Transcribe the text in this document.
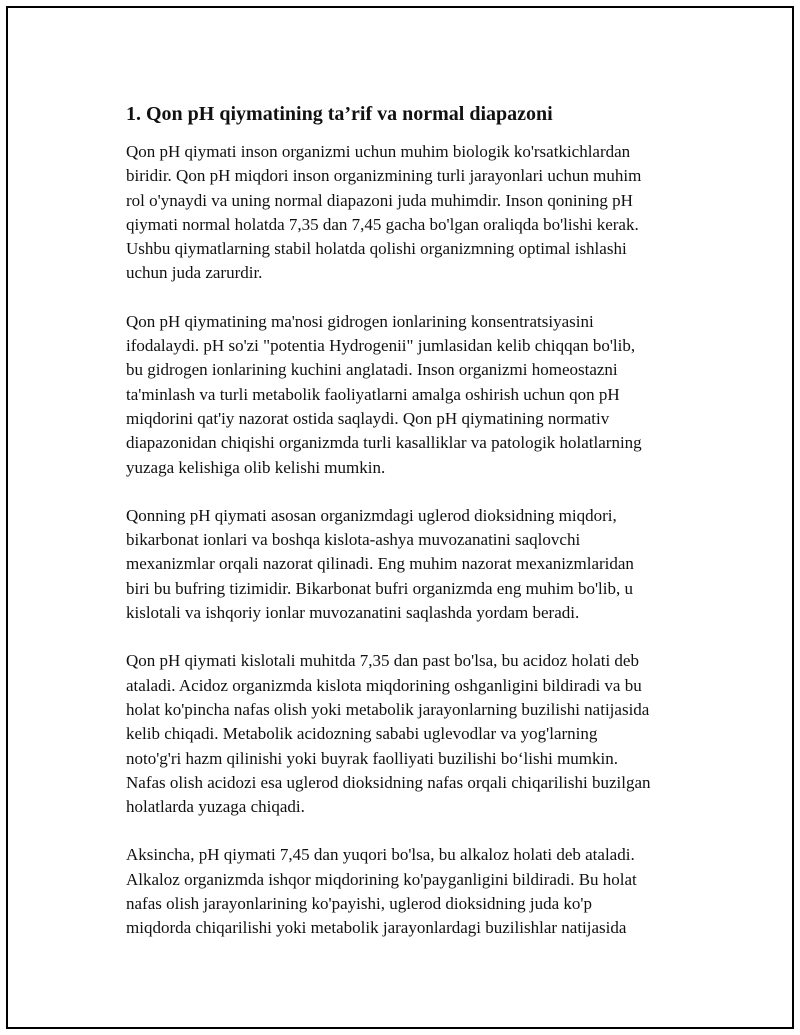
1. Qon pH qiymatining ta’rif va normal diapazoni
Qon pH qiymati inson organizmi uchun muhim biologik ko'rsatkichlardan
biridir. Qon pH miqdori inson organizmining turli jarayonlari uchun muhim
rol o'ynaydi va uning normal diapazoni juda muhimdir. Inson qonining pH
qiymati normal holatda 7,35 dan 7,45 gacha bo'lgan oraliqda bo'lishi kerak.
Ushbu qiymatlarning stabil holatda qolishi organizmning optimal ishlashi
uchun juda zarurdir.
Qon pH qiymatining ma'nosi gidrogen ionlarining konsentratsiyasini
ifodalaydi. pH so'zi "potentia Hydrogenii" jumlasidan kelib chiqqan bo'lib,
bu gidrogen ionlarining kuchini anglatadi. Inson organizmi homeostazni
ta'minlash va turli metabolik faoliyatlarni amalga oshirish uchun qon pH
miqdorini qat'iy nazorat ostida saqlaydi. Qon pH qiymatining normativ
diapazonidan chiqishi organizmda turli kasalliklar va patologik holatlarning
yuzaga kelishiga olib kelishi mumkin.
Qonning pH qiymati asosan organizmdagi uglerod dioksidning miqdori,
bikarbonat ionlari va boshqa kislota-ashya muvozanatini saqlovchi
mexanizmlar orqali nazorat qilinadi. Eng muhim nazorat mexanizmlaridan
biri bu bufring tizimidir. Bikarbonat bufri organizmda eng muhim bo'lib, u
kislotali va ishqoriy ionlar muvozanatini saqlashda yordam beradi.
Qon pH qiymati kislotali muhitda 7,35 dan past bo'lsa, bu acidoz holati deb
ataladi. Acidoz organizmda kislota miqdorining oshganligini bildiradi va bu
holat ko'pincha nafas olish yoki metabolik jarayonlarning buzilishi natijasida
kelib chiqadi. Metabolik acidozning sababi uglevodlar va yog'larning
noto'g'ri hazm qilinishi yoki buyrak faolliyati buzilishi bo‘lishi mumkin.
Nafas olish acidozi esa uglerod dioksidning nafas orqali chiqarilishi buzilgan
holatlarda yuzaga chiqadi.
Aksincha, pH qiymati 7,45 dan yuqori bo'lsa, bu alkaloz holati deb ataladi.
Alkaloz organizmda ishqor miqdorining ko'payganligini bildiradi. Bu holat
nafas olish jarayonlarining ko'payishi, uglerod dioksidning juda ko'p
miqdorda chiqarilishi yoki metabolik jarayonlardagi buzilishlar natijasida
